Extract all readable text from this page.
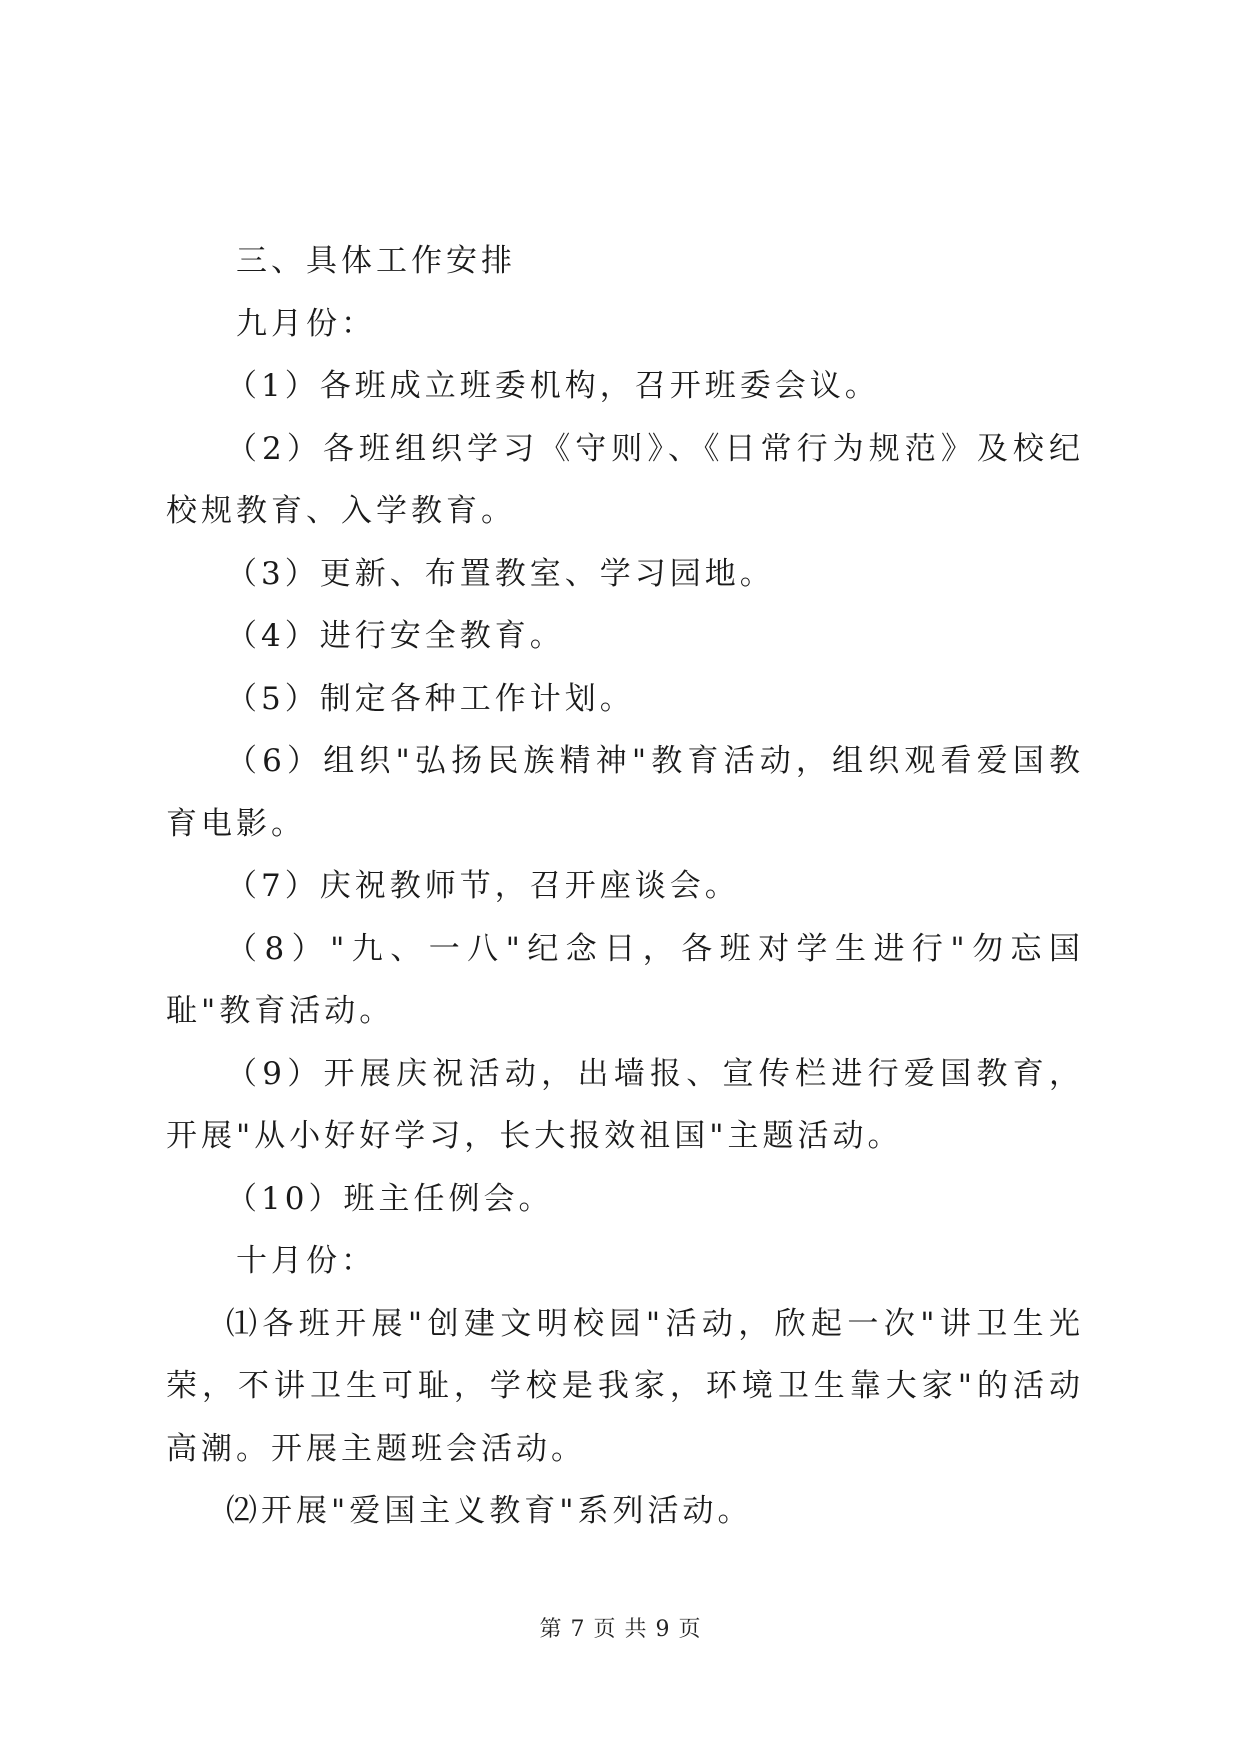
三、具体工作安排

九月份：

（1）各班成立班委机构，召开班委会议。

（2）各班组织学习《守则》、《日常行为规范》及校纪校规教育、入学教育。

（3）更新、布置教室、学习园地。

（4）进行安全教育。

（5）制定各种工作计划。

（6）组织"弘扬民族精神"教育活动，组织观看爱国教育电影。

（7）庆祝教师节，召开座谈会。

（8）"九、一八"纪念日，各班对学生进行"勿忘国耻"教育活动。

（9）开展庆祝活动，出墙报、宣传栏进行爱国教育，开展"从小好好学习，长大报效祖国"主题活动。

（10）班主任例会。

十月份：

⑴各班开展"创建文明校园"活动，欣起一次"讲卫生光荣，不讲卫生可耻，学校是我家，环境卫生靠大家"的活动高潮。开展主题班会活动。

⑵开展"爱国主义教育"系列活动。

第 7 页 共 9 页
